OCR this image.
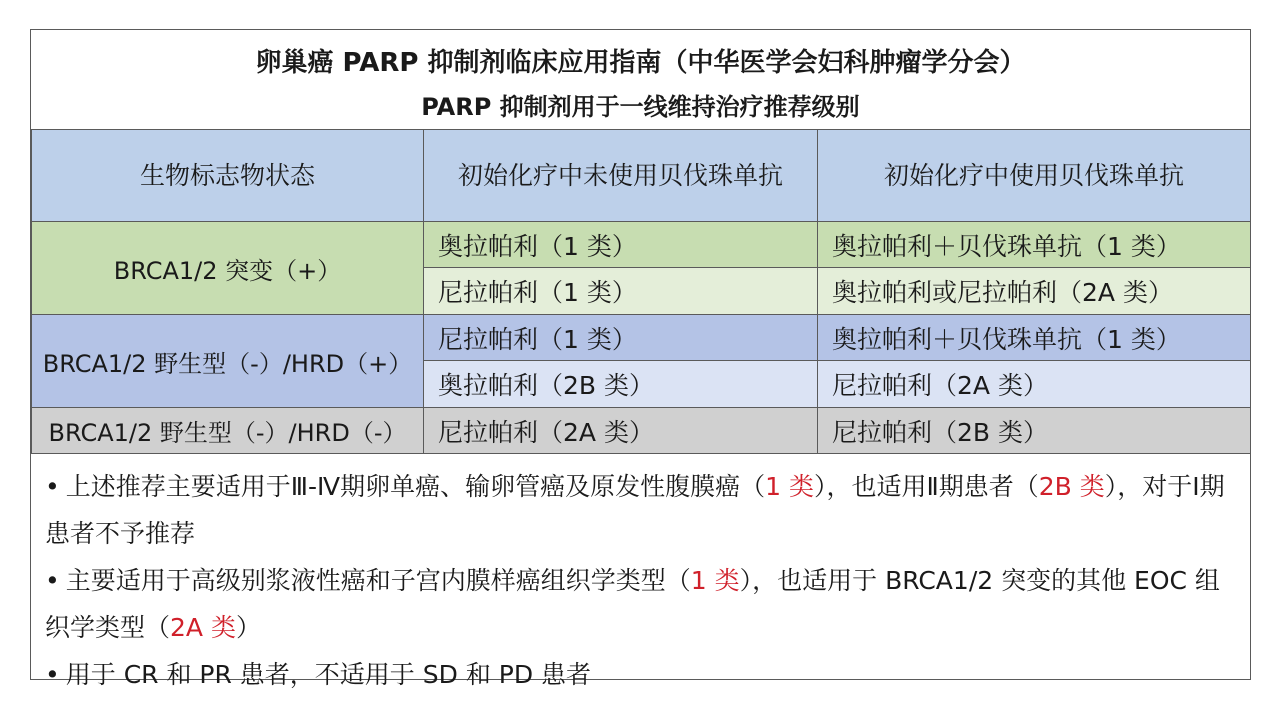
卵巢癌 PARP 抑制剂临床应用指南（中华医学会妇科肿瘤学分会）
PARP 抑制剂用于一线维持治疗推荐级别
生物标志物状态	初始化疗中未使用贝伐珠单抗	初始化疗中使用贝伐珠单抗
BRCA1/2 突变（+）	奥拉帕利（1 类）	奥拉帕利＋贝伐珠单抗（1 类）
	尼拉帕利（1 类）	奥拉帕利或尼拉帕利（2A 类）
BRCA1/2 野生型（-）/HRD（+）	尼拉帕利（1 类）	奥拉帕利＋贝伐珠单抗（1 类）
	奥拉帕利（2B 类）	尼拉帕利（2A 类）
BRCA1/2 野生型（-）/HRD（-）	尼拉帕利（2A 类）	尼拉帕利（2B 类）

• 上述推荐主要适用于Ⅲ-Ⅳ期卵单癌、输卵管癌及原发性腹膜癌（1 类），也适用Ⅱ期患者（2B 类），对于Ⅰ期患者不予推荐

• 主要适用于高级别浆液性癌和子宫内膜样癌组织学类型（1 类），也适用于 BRCA1/2 突变的其他 EOC 组织学类型（2A 类）

• 用于 CR 和 PR 患者，不适用于 SD 和 PD 患者
